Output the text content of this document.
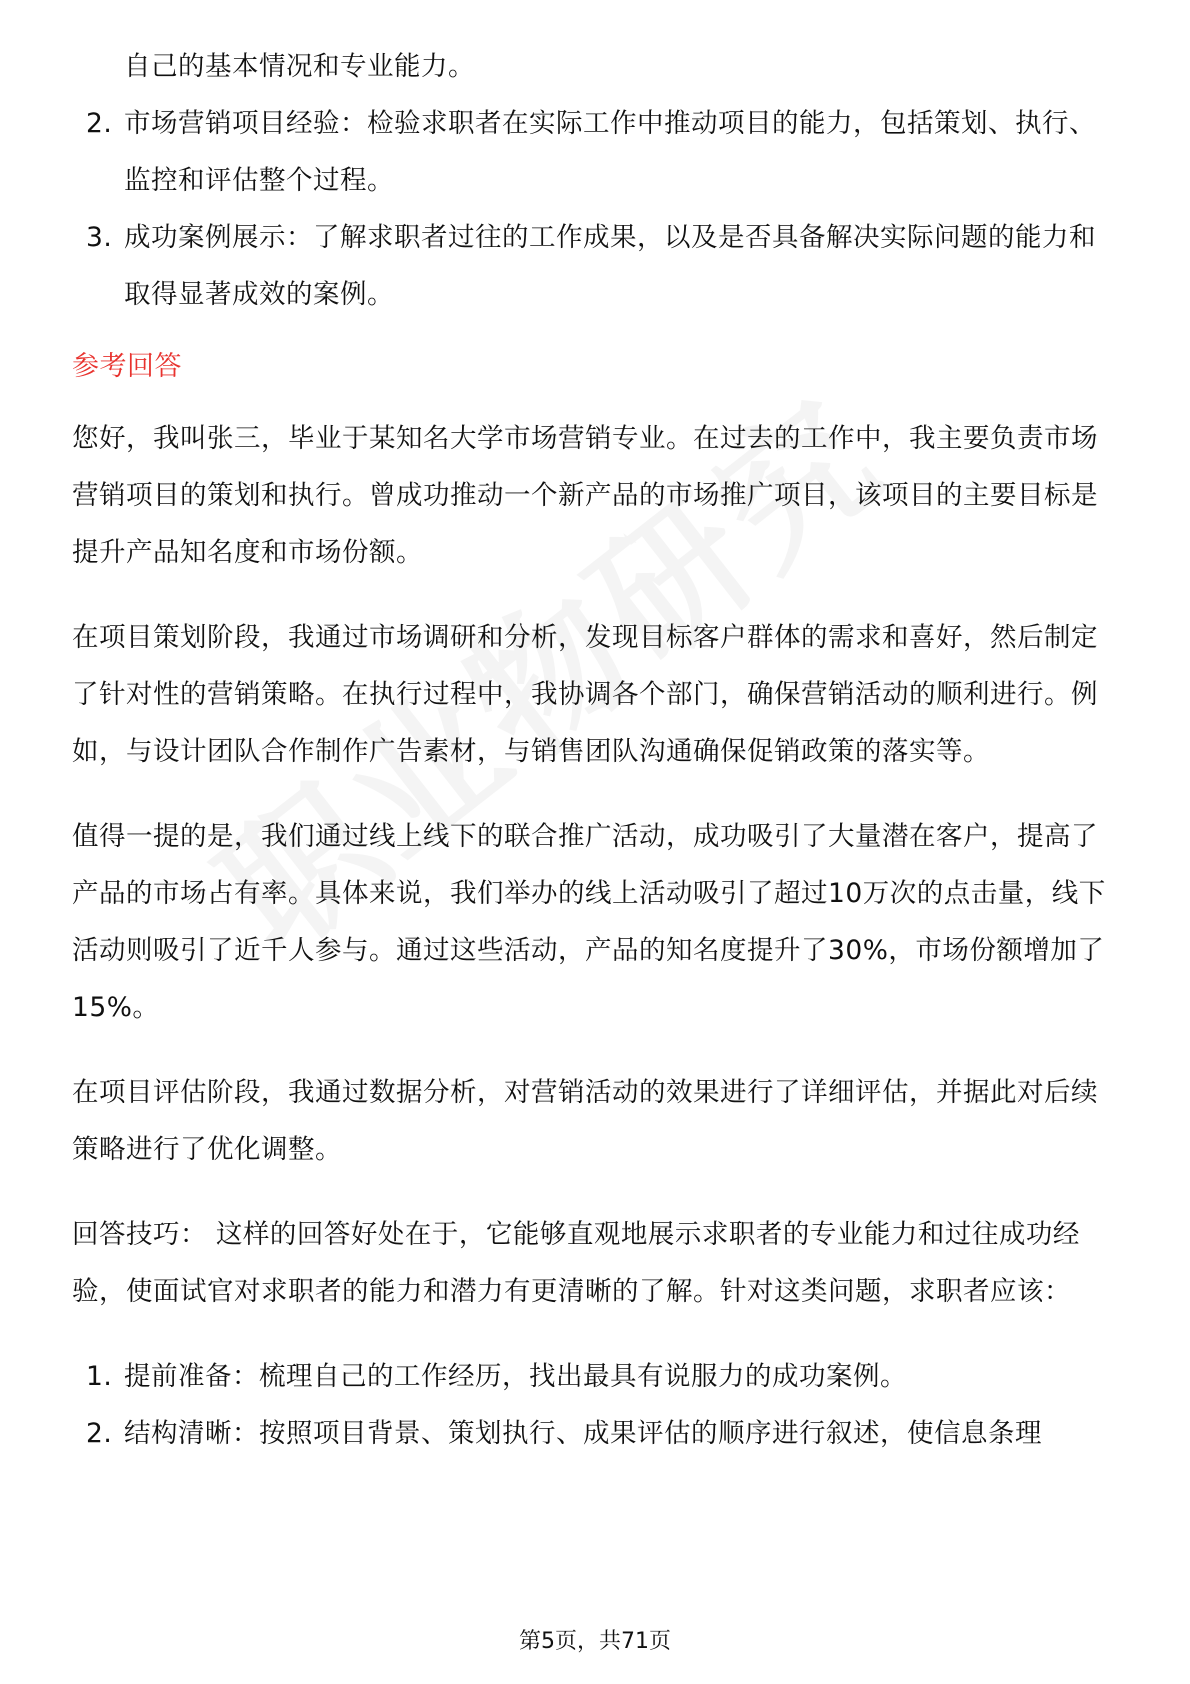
自己的基本情况和专业能力。
2. 市场营销项目经验：检验求职者在实际工作中推动项目的能力，包括策划、执行、监控和评估整个过程。
3. 成功案例展示：了解求职者过往的工作成果，以及是否具备解决实际问题的能力和取得显著成效的案例。
参考回答

您好，我叫张三，毕业于某知名大学市场营销专业。在过去的工作中，我主要负责市场营销项目的策划和执行。曾成功推动一个新产品的市场推广项目，该项目的主要目标是提升产品知名度和市场份额。

在项目策划阶段，我通过市场调研和分析，发现目标客户群体的需求和喜好，然后制定了针对性的营销策略。在执行过程中，我协调各个部门，确保营销活动的顺利进行。例如，与设计团队合作制作广告素材，与销售团队沟通确保促销政策的落实等。

值得一提的是，我们通过线上线下的联合推广活动，成功吸引了大量潜在客户，提高了产品的市场占有率。具体来说，我们举办的线上活动吸引了超过10万次的点击量，线下活动则吸引了近千人参与。通过这些活动，产品的知名度提升了30%，市场份额增加了15%。

在项目评估阶段，我通过数据分析，对营销活动的效果进行了详细评估，并据此对后续策略进行了优化调整。

回答技巧： 这样的回答好处在于，它能够直观地展示求职者的专业能力和过往成功经验，使面试官对求职者的能力和潜力有更清晰的了解。针对这类问题，求职者应该：

1. 提前准备：梳理自己的工作经历，找出最具有说服力的成功案例。
2. 结构清晰：按照项目背景、策划执行、成果评估的顺序进行叙述，使信息条理
第5页，共71页
